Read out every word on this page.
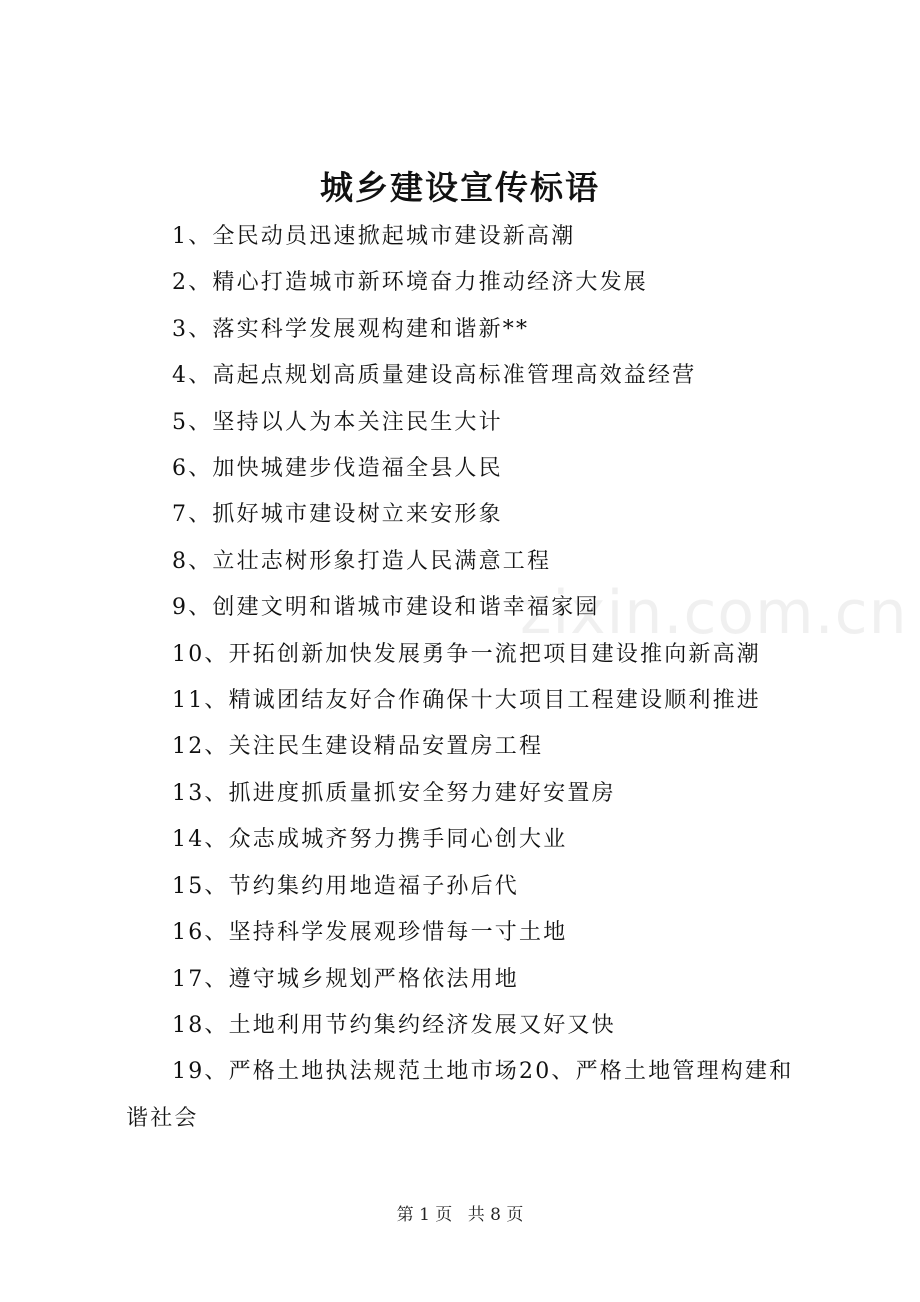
城乡建设宣传标语
zixin.com.cn
1、全民动员迅速掀起城市建设新高潮
2、精心打造城市新环境奋力推动经济大发展
3、落实科学发展观构建和谐新**
4、高起点规划高质量建设高标准管理高效益经营
5、坚持以人为本关注民生大计
6、加快城建步伐造福全县人民
7、抓好城市建设树立来安形象
8、立壮志树形象打造人民满意工程
9、创建文明和谐城市建设和谐幸福家园
10、开拓创新加快发展勇争一流把项目建设推向新高潮
11、精诚团结友好合作确保十大项目工程建设顺利推进
12、关注民生建设精品安置房工程
13、抓进度抓质量抓安全努力建好安置房
14、众志成城齐努力携手同心创大业
15、节约集约用地造福子孙后代
16、坚持科学发展观珍惜每一寸土地
17、遵守城乡规划严格依法用地
18、土地利用节约集约经济发展又好又快
19、严格土地执法规范土地市场20、严格土地管理构建和谐社会
第 1 页 共 8 页
